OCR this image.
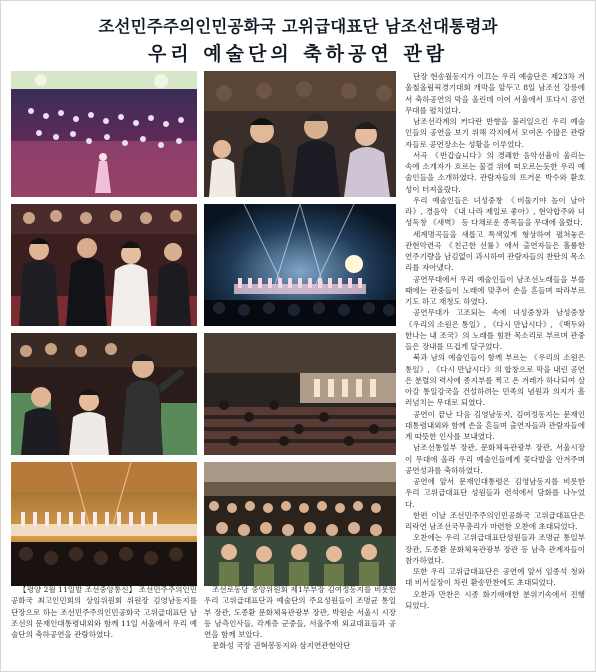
조선민주주의인민공화국 고위급대표단 남조선대통령과
우리 예술단의 축하공연 관람

단장 현송월동지가 이끄는 우리 예술단은 제23차 겨울철올림픽경기대회 개막을 앞두고 8일 남조선 강릉에서 축하공연의 막을 올린데 이어 서울에서 또다시 공연무대를 펼치었다.

남조선각계의 커다란 반향을 불러일으킨 우리 예술인들의 공연을 보기 위해 각지에서 모여온 수많은 관람자들로 공연장소는 성황을 이루었다.

서곡 《반갑습니다》의 경쾌한 음악선율이 울리는 속에 소개자가 흐르는 물결 위에 떠오르는듯한 우리 예술인들을 소개하였다. 관람자들의 뜨거운 박수와 환호성이 터져올랐다.

우리 예술인들은 녀성중창 《비둘기야 높이 날아라》, 경음악 《내 나라 제일로 좋아》, 현악합주와 녀성독창 《새벽》 등 다채로운 종목들을 무대에 올렸다.

세계명곡들을 새롭고 특색있게 형상하여 펼쳐놓은 관현악련곡 《친근한 선률》에서 출연자들은 훌륭한 연주기량을 남김없이 과시하여 관람자들의 찬탄의 목소리를 자아냈다.

공연무대에서 우리 예술인들이 남조선노래들을 부를 때에는 관중들이 노래에 맞추어 손을 흔들며 따라부르기도 하고 재청도 하였다.

공연무대가 고조되는 속에 녀성중창과 남성중창 《우리의 소원은 통일》, 《다시 만납시다》, 《백두와 한나는 내 조국》의 노래를 힘찬 목소리로 부르며 관중들은 장내를 뜨겁게 달구었다.

북과 남의 예술인들이 함께 부르는 《우리의 소원은 통일》, 《다시 만납시다》의 합창으로 막을 내린 공연은 분렬의 력사에 종지부를 찍고 온 겨레가 하나되여 살아갈 통일강국을 건설하려는 민족의 념원과 의지가 흘러넘치는 무대로 되였다.

공연이 끝난 다음 김영남동지, 김여정동지는 문재인대통령내외와 함께 손을 흔들며 출연자들과 관람자들에게 따뜻한 인사를 보내였다.

남조선통일부 장관, 문화체육관광부 장관, 서울시장이 무대에 올라 우리 예술인들에게 꽃다발을 안겨주며 공연성과를 축하하였다.

공연에 앞서 문재인대통령은 김영남동지를 비롯한 우리 고위급대표단 성원들과 련석에서 담화를 나누었다.

한편 이날 조선민주주의인민공화국 고위급대표단은 리락연 남조선국무총리가 마련한 오찬에 초대되었다.

오찬에는 우리 고위급대표단성원들과 조명균 통일부 장관, 도종환 문화체육관광부 장관 등 남측 관계자들이 참가하였다.

또한 우리 고위급대표단은 공연에 앞서 임종석 청와대 비서실장이 차린 환송만찬에도 초대되었다.

오찬과 만찬은 시종 화기애애한 분위기속에서 진행되었다.

【평양 2월 11일발 조선중앙통신】 조선민주주의인민공화국 최고인민회의 상임위원회 위원장 김영남동지를 단장으로 하는 조선민주주의인민공화국 고위급대표단 남조선의 문재인대통령내외와 함께 11일 서울에서 우리 예술단의 축하공연을 관람하였다.

조선로동당 중앙위원회 제1부부장 김여정동지를 비롯한 우리 고위급대표단과 예술단의 주요성원들이 조명균 통일부 장관, 도종환 문화체육관광부 장관, 박원순 서울시 시장 등 남측인사들, 각계층 군중들, 서울주재 외교대표들과 공연을 함께 보았다.

문화성 국장 권혁봉동지와 삼지연관현악단
